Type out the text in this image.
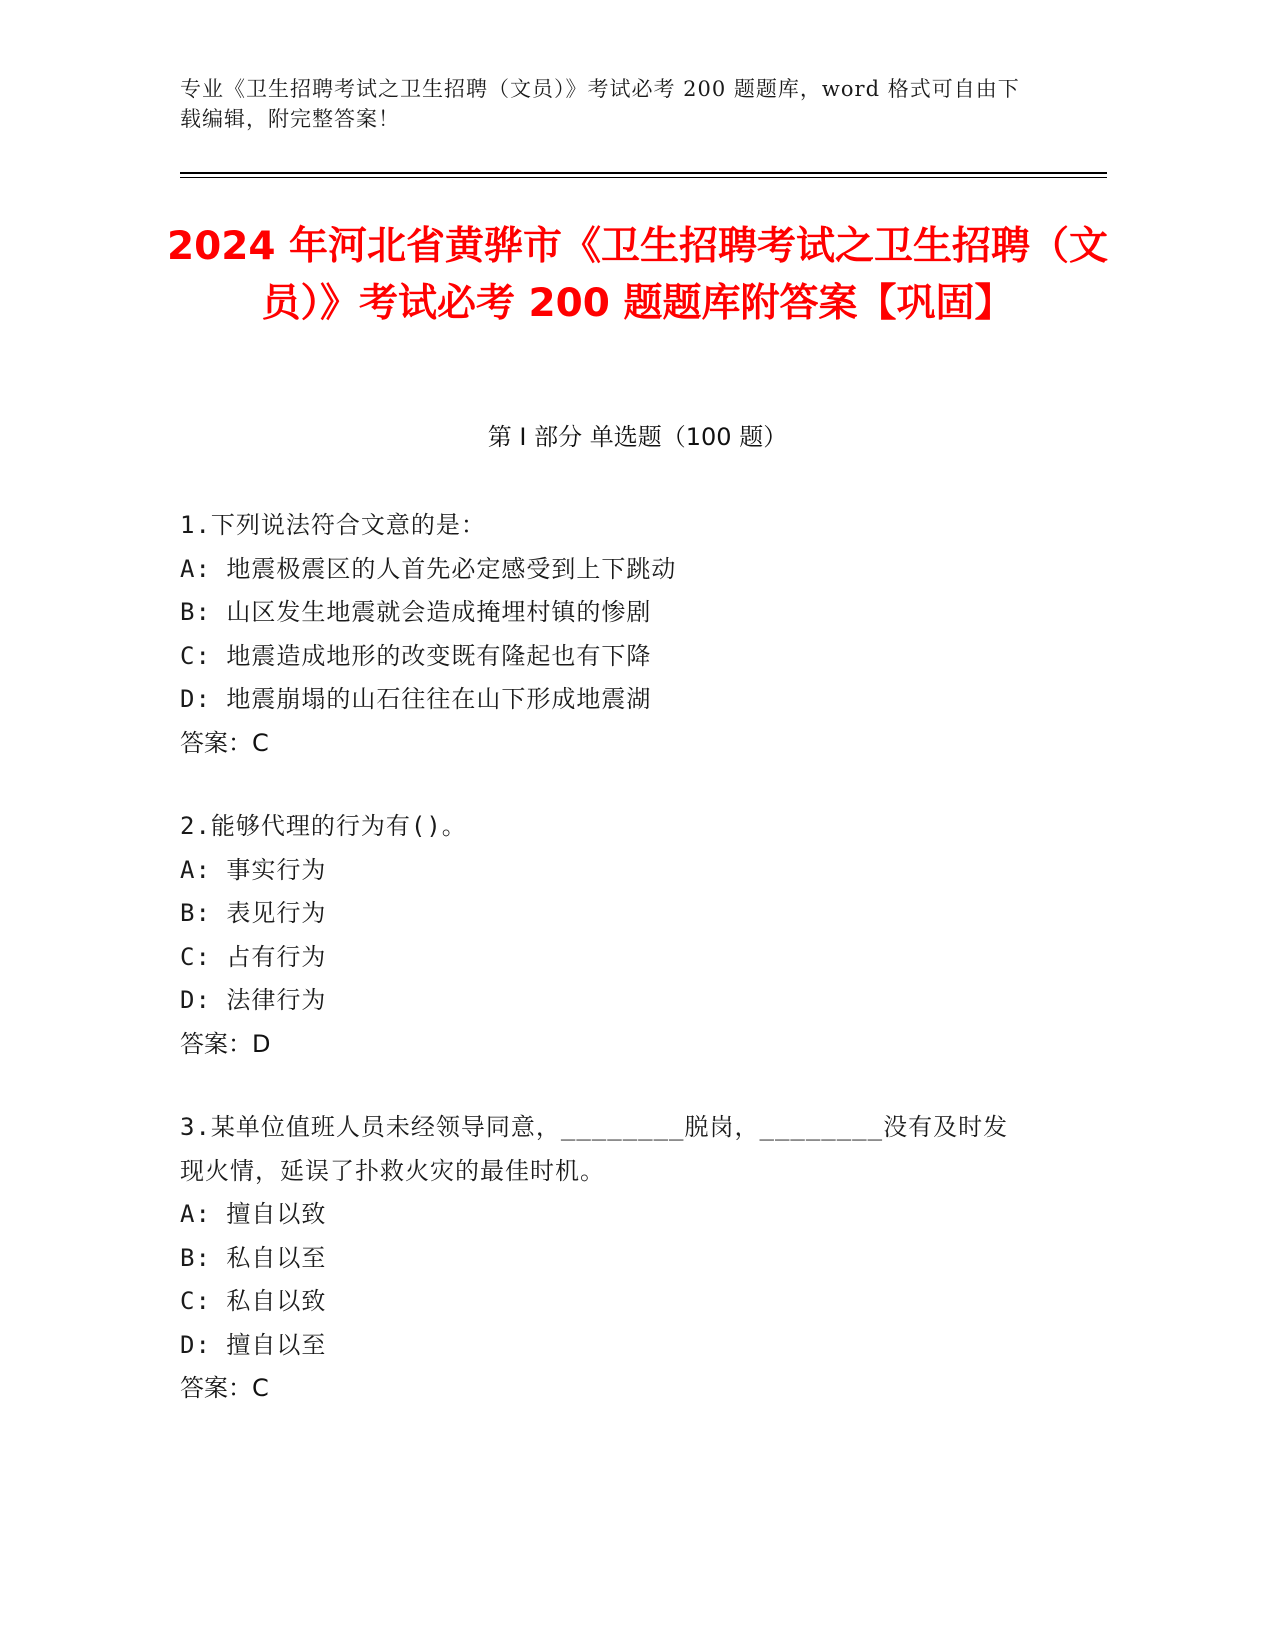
专业《卫生招聘考试之卫生招聘（文员）》考试必考 200 题题库，word 格式可自由下载编辑，附完整答案！
2024 年河北省黄骅市《卫生招聘考试之卫生招聘（文员）》考试必考 200 题题库附答案【巩固】
第 I 部分 单选题（100 题）
1.下列说法符合文意的是：
A: 地震极震区的人首先必定感受到上下跳动
B: 山区发生地震就会造成掩埋村镇的惨剧
C: 地震造成地形的改变既有隆起也有下降
D: 地震崩塌的山石往往在山下形成地震湖
答案：C
2.能够代理的行为有()。
A: 事实行为
B: 表见行为
C: 占有行为
D: 法律行为
答案：D
3.某单位值班人员未经领导同意，________脱岗，________没有及时发现火情，延误了扑救火灾的最佳时机。
A: 擅自以致
B: 私自以至
C: 私自以致
D: 擅自以至
答案：C
